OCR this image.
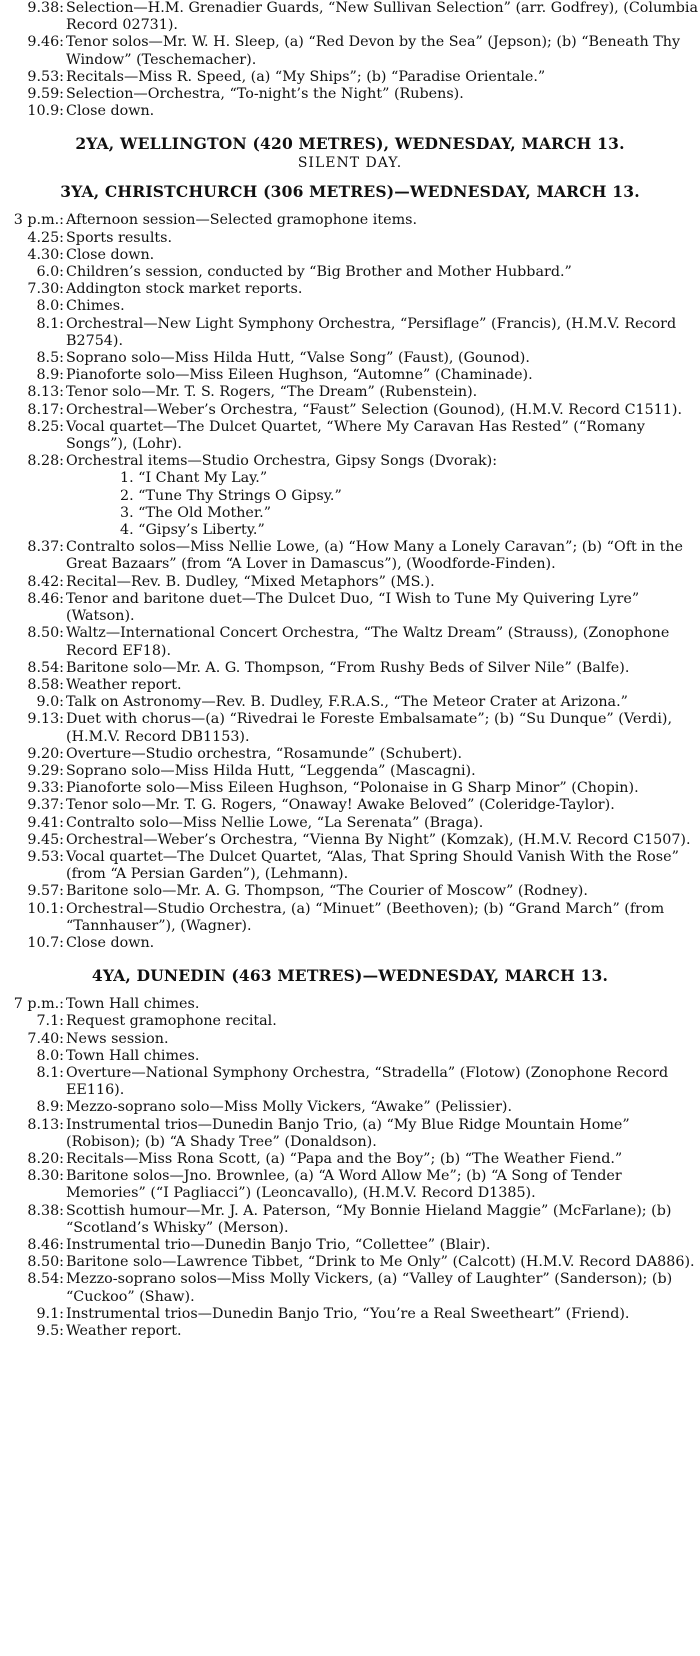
9.38: Selection—H.M. Grenadier Guards, “New Sullivan Selection” (arr. Godfrey), (Columbia Record 02731).
9.46: Tenor solos—Mr. W. H. Sleep, (a) “Red Devon by the Sea” (Jepson); (b) “Beneath Thy Window” (Teschemacher).
9.53: Recitals—Miss R. Speed, (a) “My Ships”; (b) “Paradise Orientale.”
9.59: Selection—Orchestra, “To-night’s the Night” (Rubens).
10.9: Close down.
2YA, WELLINGTON (420 METRES), WEDNESDAY, MARCH 13.
SILENT DAY.
3YA, CHRISTCHURCH (306 METRES)—WEDNESDAY, MARCH 13.
3 p.m.: Afternoon session—Selected gramophone items.
4.25: Sports results.
4.30: Close down.
6.0: Children’s session, conducted by “Big Brother and Mother Hubbard.”
7.30: Addington stock market reports.
8.0: Chimes.
8.1: Orchestral—New Light Symphony Orchestra, “Persiflage” (Francis), (H.M.V. Record B2754).
8.5: Soprano solo—Miss Hilda Hutt, “Valse Song” (Faust), (Gounod).
8.9: Pianoforte solo—Miss Eileen Hughson, “Automne” (Chaminade).
8.13: Tenor solo—Mr. T. S. Rogers, “The Dream” (Rubenstein).
8.17: Orchestral—Weber’s Orchestra, “Faust” Selection (Gounod), (H.M.V. Record C1511).
8.25: Vocal quartet—The Dulcet Quartet, “Where My Caravan Has Rested” (“Romany Songs”), (Lohr).
8.28: Orchestral items—Studio Orchestra, Gipsy Songs (Dvorak):
1. “I Chant My Lay.”
2. “Tune Thy Strings O Gipsy.”
3. “The Old Mother.”
4. “Gipsy’s Liberty.”
8.37: Contralto solos—Miss Nellie Lowe, (a) “How Many a Lonely Caravan”; (b) “Oft in the Great Bazaars” (from “A Lover in Damascus”), (Woodforde-Finden).
8.42: Recital—Rev. B. Dudley, “Mixed Metaphors” (MS.).
8.46: Tenor and baritone duet—The Dulcet Duo, “I Wish to Tune My Quivering Lyre” (Watson).
8.50: Waltz—International Concert Orchestra, “The Waltz Dream” (Strauss), (Zonophone Record EF18).
8.54: Baritone solo—Mr. A. G. Thompson, “From Rushy Beds of Silver Nile” (Balfe).
8.58: Weather report.
9.0: Talk on Astronomy—Rev. B. Dudley, F.R.A.S., “The Meteor Crater at Arizona.”
9.13: Duet with chorus—(a) “Rivedrai le Foreste Embalsamate”; (b) “Su Dunque” (Verdi), (H.M.V. Record DB1153).
9.20: Overture—Studio orchestra, “Rosamunde” (Schubert).
9.29: Soprano solo—Miss Hilda Hutt, “Leggenda” (Mascagni).
9.33: Pianoforte solo—Miss Eileen Hughson, “Polonaise in G Sharp Minor” (Chopin).
9.37: Tenor solo—Mr. T. G. Rogers, “Onaway! Awake Beloved” (Coleridge-Taylor).
9.41: Contralto solo—Miss Nellie Lowe, “La Serenata” (Braga).
9.45: Orchestral—Weber’s Orchestra, “Vienna By Night” (Komzak), (H.M.V. Record C1507).
9.53: Vocal quartet—The Dulcet Quartet, “Alas, That Spring Should Vanish With the Rose” (from “A Persian Garden”), (Lehmann).
9.57: Baritone solo—Mr. A. G. Thompson, “The Courier of Moscow” (Rodney).
10.1: Orchestral—Studio Orchestra, (a) “Minuet” (Beethoven); (b) “Grand March” (from “Tannhauser”), (Wagner).
10.7: Close down.
4YA, DUNEDIN (463 METRES)—WEDNESDAY, MARCH 13.
7 p.m.: Town Hall chimes.
7.1: Request gramophone recital.
7.40: News session.
8.0: Town Hall chimes.
8.1: Overture—National Symphony Orchestra, “Stradella” (Flotow) (Zonophone Record EE116).
8.9: Mezzo-soprano solo—Miss Molly Vickers, “Awake” (Pelissier).
8.13: Instrumental trios—Dunedin Banjo Trio, (a) “My Blue Ridge Mountain Home” (Robison); (b) “A Shady Tree” (Donaldson).
8.20: Recitals—Miss Rona Scott, (a) “Papa and the Boy”; (b) “The Weather Fiend.”
8.30: Baritone solos—Jno. Brownlee, (a) “A Word Allow Me”; (b) “A Song of Tender Memories” (“I Pagliacci”) (Leoncavallo), (H.M.V. Record D1385).
8.38: Scottish humour—Mr. J. A. Paterson, “My Bonnie Hieland Maggie” (McFarlane); (b) “Scotland’s Whisky” (Merson).
8.46: Instrumental trio—Dunedin Banjo Trio, “Collettee” (Blair).
8.50: Baritone solo—Lawrence Tibbet, “Drink to Me Only” (Calcott) (H.M.V. Record DA886).
8.54: Mezzo-soprano solos—Miss Molly Vickers, (a) “Valley of Laughter” (Sanderson); (b) “Cuckoo” (Shaw).
9.1: Instrumental trios—Dunedin Banjo Trio, “You’re a Real Sweetheart” (Friend).
9.5: Weather report.
